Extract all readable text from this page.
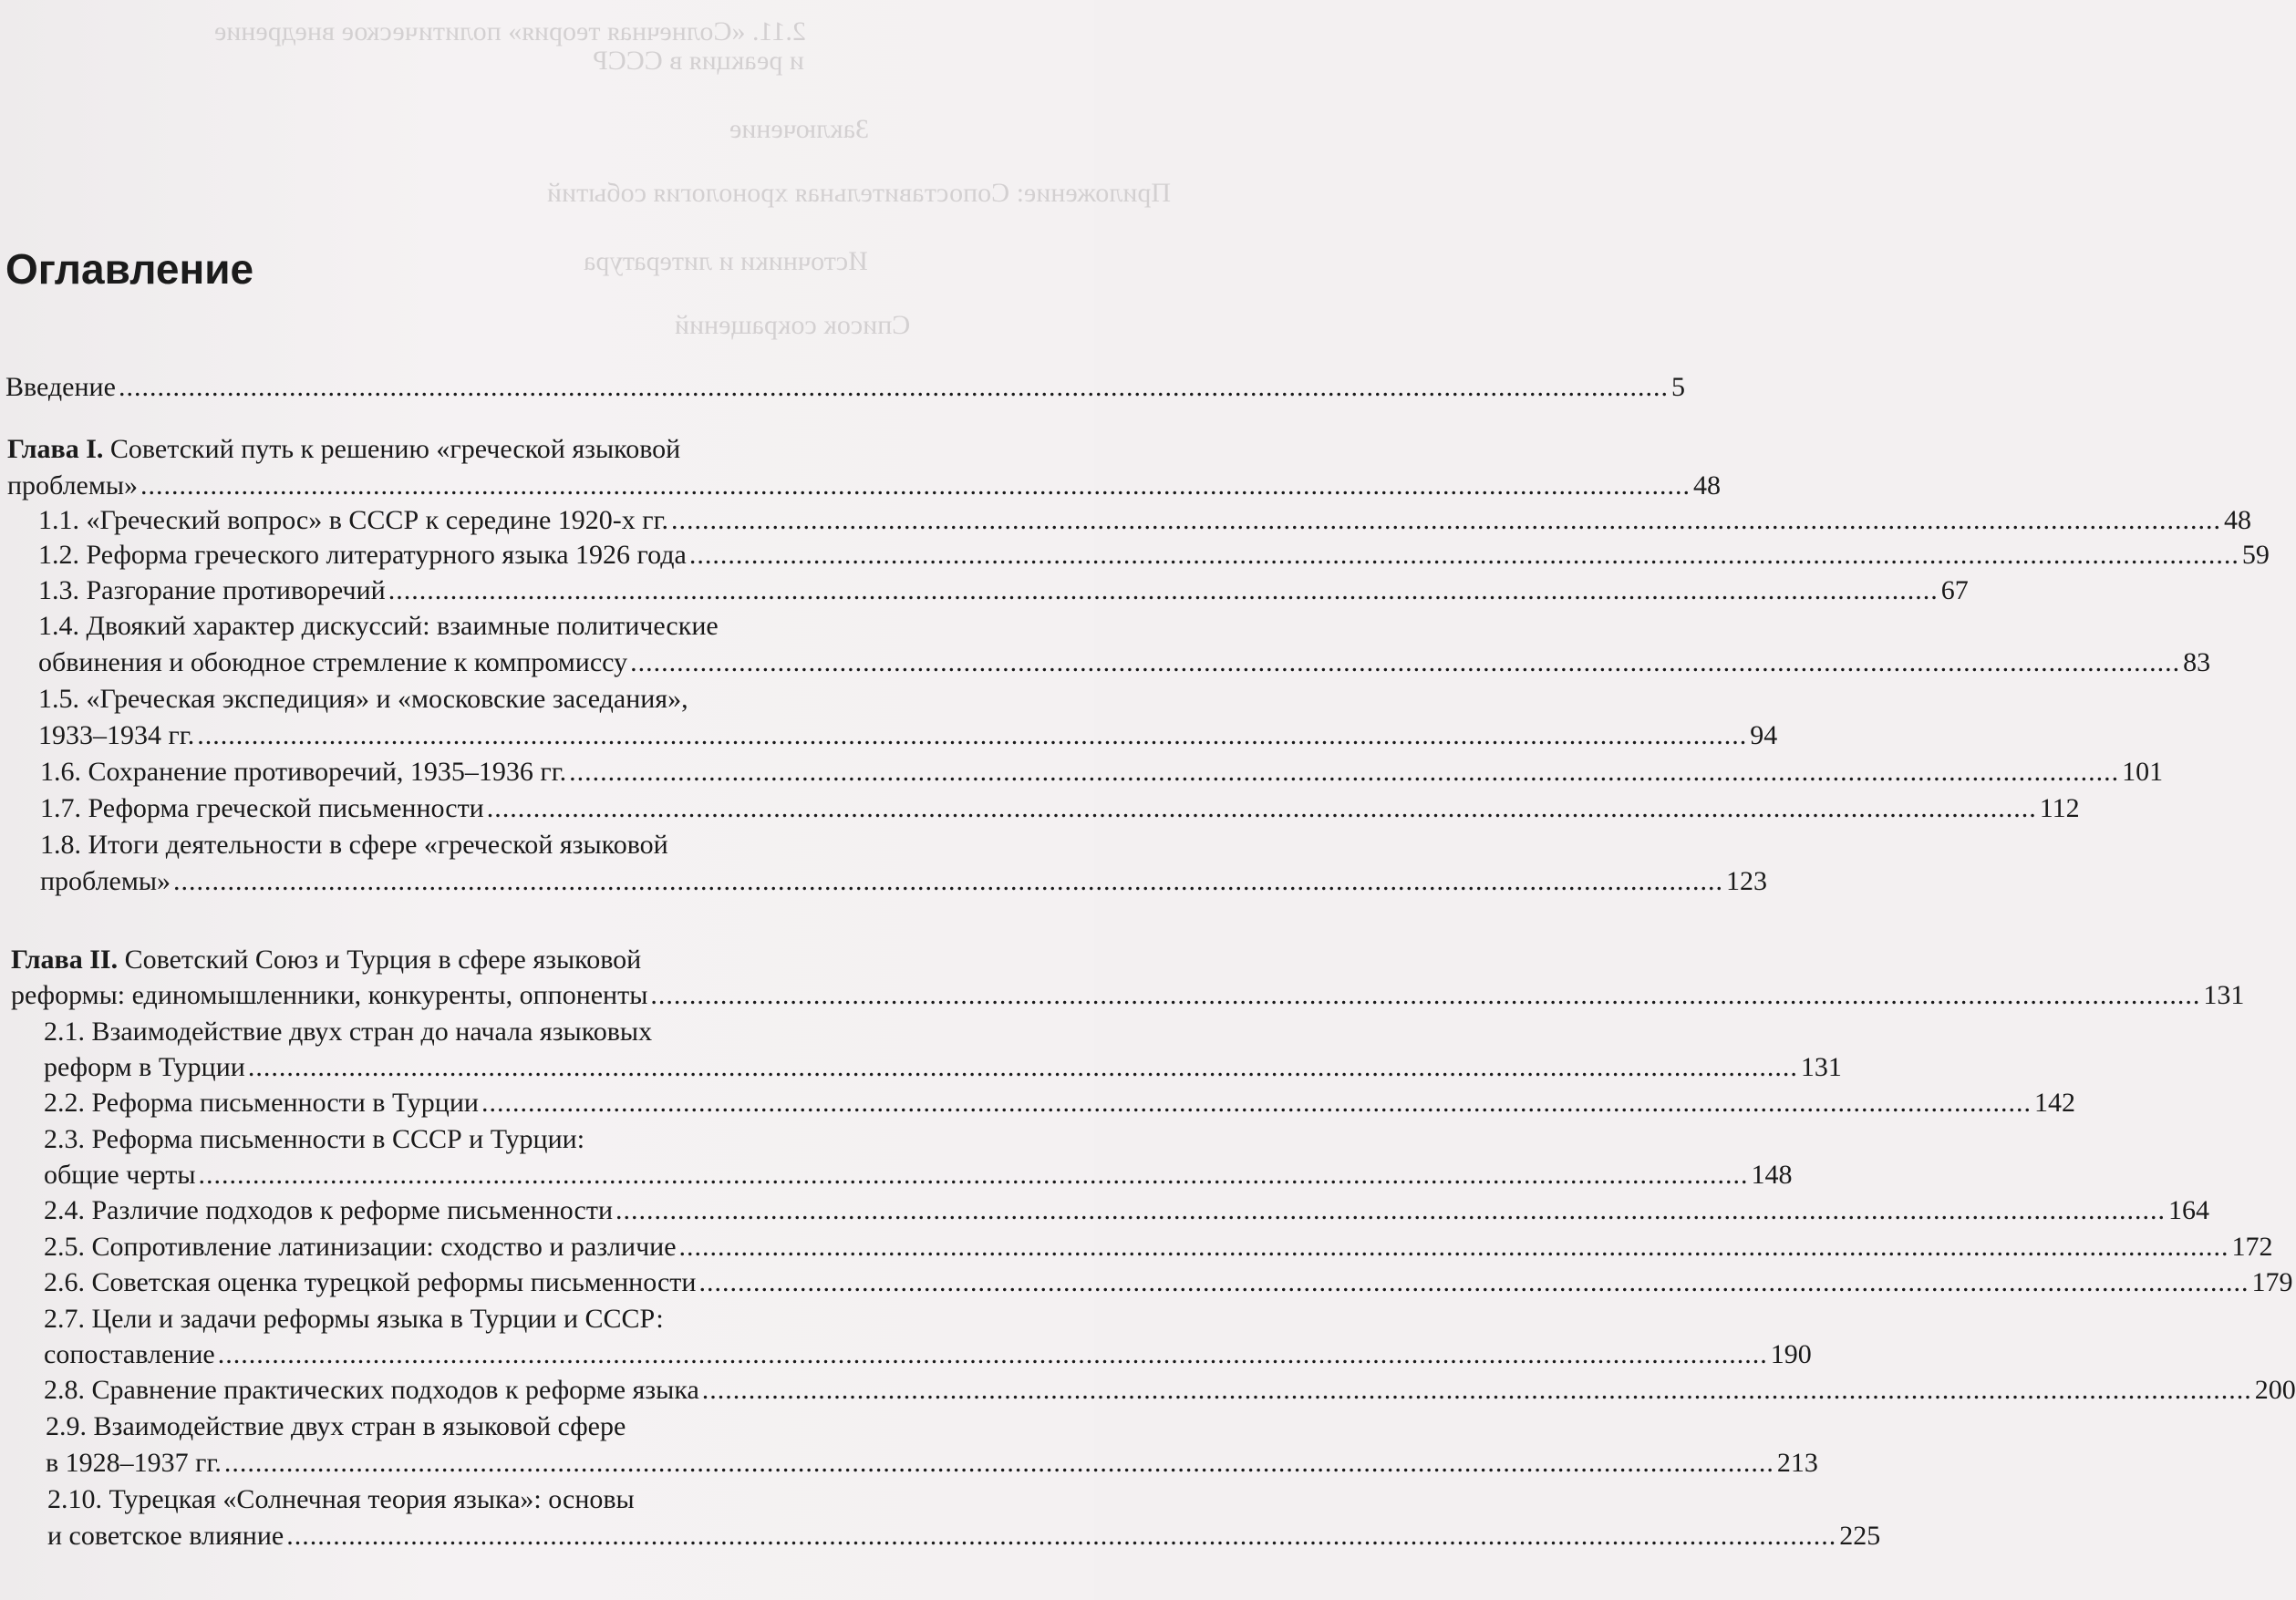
2.11. «Солнечная теория» политическое внедрение
и реакция в СССР
Заключение
Приложение: Сопоставительная хронология событий
Источники и литература
Список сокращений
Оглавление
Введение ........................................................................................................................................................................................................ 5
Глава I. Советский путь к решению «греческой языковой
проблемы» ........................................................................................................................................................................................................ 48
1.1. «Греческий вопрос» в СССР к середине 1920-х гг. ........................................................................................................................................................................................................ 48
1.2. Реформа греческого литературного языка 1926 года ........................................................................................................................................................................................................ 59
1.3. Разгорание противоречий ........................................................................................................................................................................................................ 67
1.4. Двоякий характер дискуссий: взаимные политические
обвинения и обоюдное стремление к компромиссу ........................................................................................................................................................................................................ 83
1.5. «Греческая экспедиция» и «московские заседания»,
1933–1934 гг. ........................................................................................................................................................................................................ 94
1.6. Сохранение противоречий, 1935–1936 гг. ........................................................................................................................................................................................................ 101
1.7. Реформа греческой письменности ........................................................................................................................................................................................................ 112
1.8. Итоги деятельности в сфере «греческой языковой
проблемы» ........................................................................................................................................................................................................ 123
Глава II. Советский Союз и Турция в сфере языковой
реформы: единомышленники, конкуренты, оппоненты ........................................................................................................................................................................................................ 131
2.1. Взаимодействие двух стран до начала языковых
реформ в Турции ........................................................................................................................................................................................................ 131
2.2. Реформа письменности в Турции ........................................................................................................................................................................................................ 142
2.3. Реформа письменности в СССР и Турции:
общие черты ........................................................................................................................................................................................................ 148
2.4. Различие подходов к реформе письменности ........................................................................................................................................................................................................ 164
2.5. Сопротивление латинизации: сходство и различие ........................................................................................................................................................................................................ 172
2.6. Советская оценка турецкой реформы письменности ........................................................................................................................................................................................................ 179
2.7. Цели и задачи реформы языка в Турции и СССР:
сопоставление ........................................................................................................................................................................................................ 190
2.8. Сравнение практических подходов к реформе языка ........................................................................................................................................................................................................ 200
2.9. Взаимодействие двух стран в языковой сфере
в 1928–1937 гг. ........................................................................................................................................................................................................ 213
2.10. Турецкая «Солнечная теория языка»: основы
и советское влияние ........................................................................................................................................................................................................ 225
